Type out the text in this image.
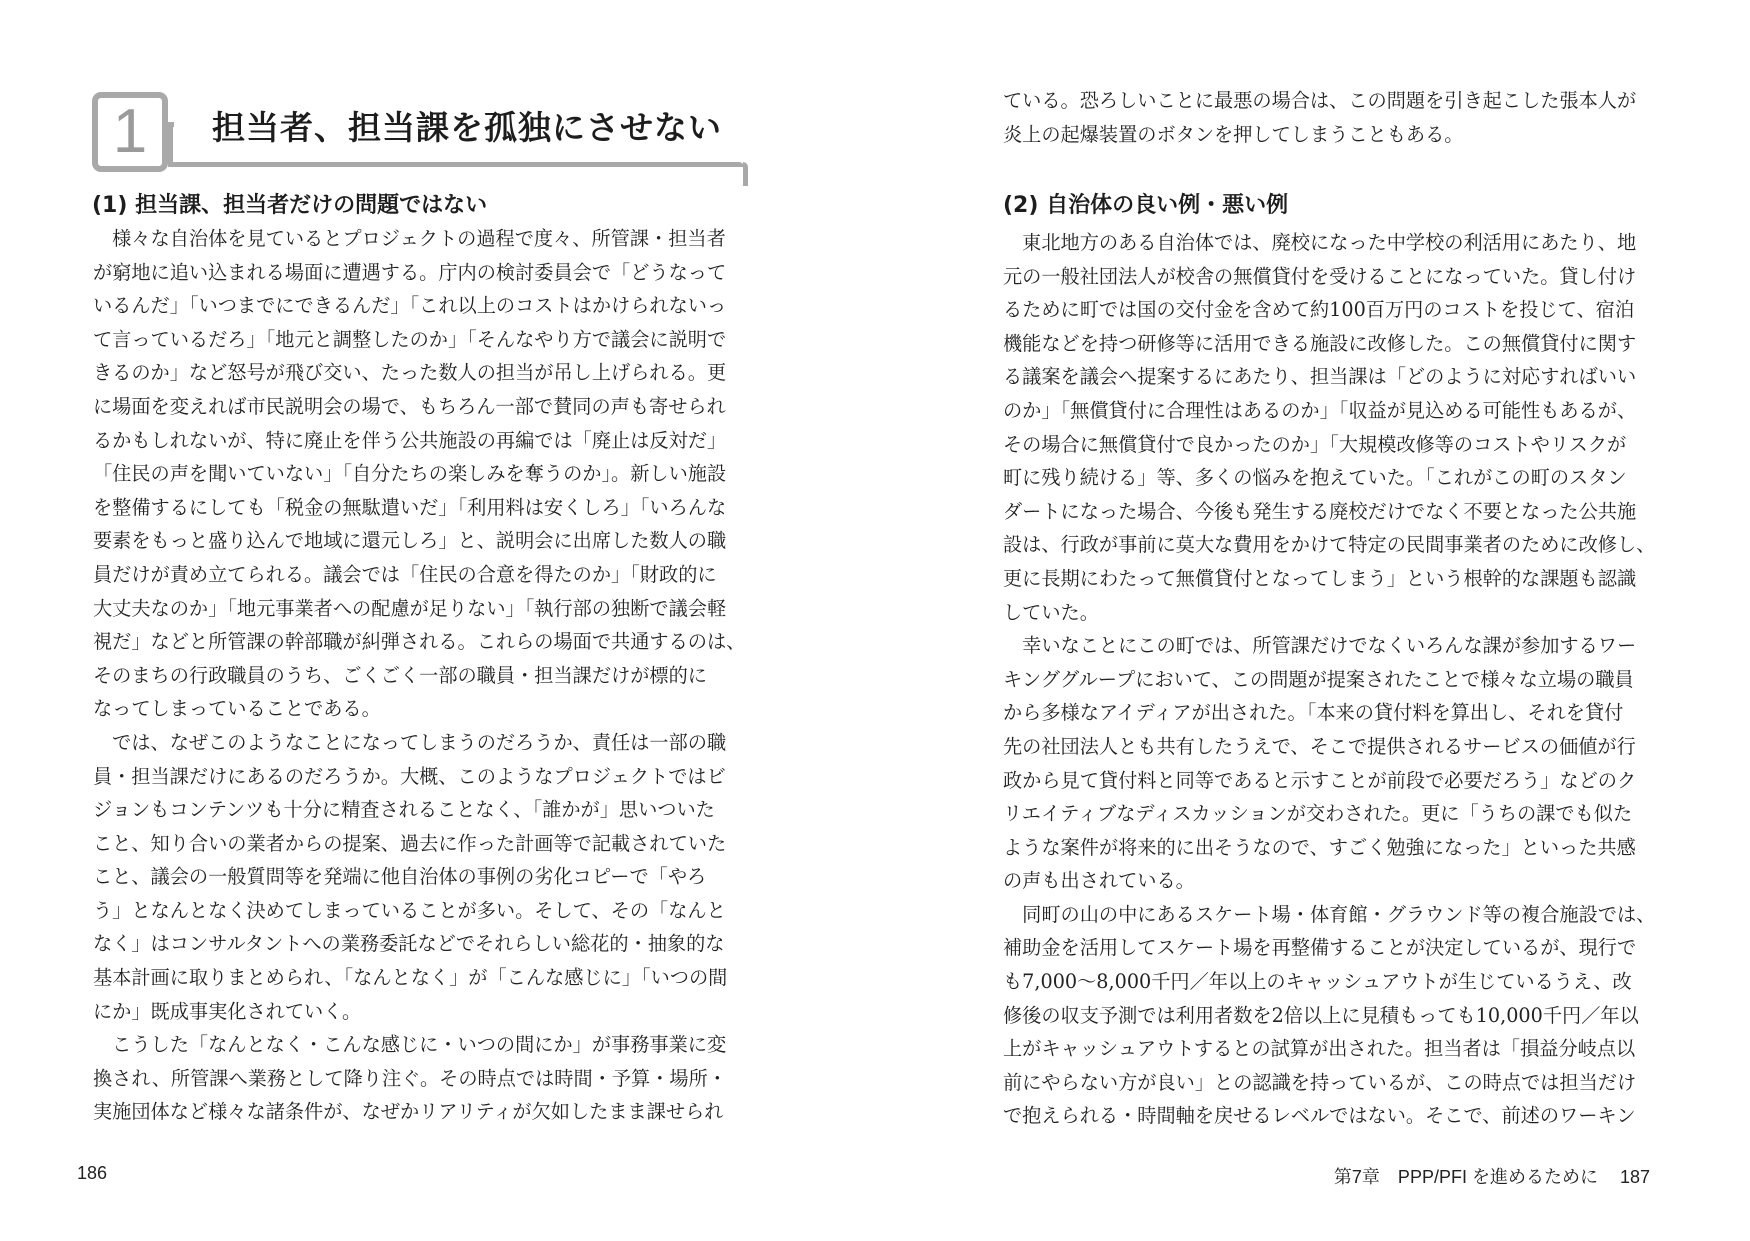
1	担当者、担当課を孤独にさせない
(1) 担当課、担当者だけの問題ではない
　様々な自治体を見ているとプロジェクトの過程で度々、所管課・担当者
が窮地に追い込まれる場面に遭遇する。庁内の検討委員会で「どうなって
いるんだ」「いつまでにできるんだ」「これ以上のコストはかけられないっ
て言っているだろ」「地元と調整したのか」「そんなやり方で議会に説明で
きるのか」など怒号が飛び交い、たった数人の担当が吊し上げられる。更
に場面を変えれば市民説明会の場で、もちろん一部で賛同の声も寄せられ
るかもしれないが、特に廃止を伴う公共施設の再編では「廃止は反対だ」
「住民の声を聞いていない」「自分たちの楽しみを奪うのか」。新しい施設
を整備するにしても「税金の無駄遣いだ」「利用料は安くしろ」「いろんな
要素をもっと盛り込んで地域に還元しろ」と、説明会に出席した数人の職
員だけが責め立てられる。議会では「住民の合意を得たのか」「財政的に
大丈夫なのか」「地元事業者への配慮が足りない」「執行部の独断で議会軽
視だ」などと所管課の幹部職が糾弾される。これらの場面で共通するのは、
そのまちの行政職員のうち、ごくごく一部の職員・担当課だけが標的に
なってしまっていることである。
　では、なぜこのようなことになってしまうのだろうか、責任は一部の職
員・担当課だけにあるのだろうか。大概、このようなプロジェクトではビ
ジョンもコンテンツも十分に精査されることなく、「誰かが」思いついた
こと、知り合いの業者からの提案、過去に作った計画等で記載されていた
こと、議会の一般質問等を発端に他自治体の事例の劣化コピーで「やろ
う」となんとなく決めてしまっていることが多い。そして、その「なんと
なく」はコンサルタントへの業務委託などでそれらしい総花的・抽象的な
基本計画に取りまとめられ、「なんとなく」が「こんな感じに」「いつの間
にか」既成事実化されていく。
　こうした「なんとなく・こんな感じに・いつの間にか」が事務事業に変
換され、所管課へ業務として降り注ぐ。その時点では時間・予算・場所・
実施団体など様々な諸条件が、なぜかリアリティが欠如したまま課せられ
186
ている。恐ろしいことに最悪の場合は、この問題を引き起こした張本人が
炎上の起爆装置のボタンを押してしまうこともある。
(2) 自治体の良い例・悪い例
　東北地方のある自治体では、廃校になった中学校の利活用にあたり、地
元の一般社団法人が校舎の無償貸付を受けることになっていた。貸し付け
るために町では国の交付金を含めて約100百万円のコストを投じて、宿泊
機能などを持つ研修等に活用できる施設に改修した。この無償貸付に関す
る議案を議会へ提案するにあたり、担当課は「どのように対応すればいい
のか」「無償貸付に合理性はあるのか」「収益が見込める可能性もあるが、
その場合に無償貸付で良かったのか」「大規模改修等のコストやリスクが
町に残り続ける」等、多くの悩みを抱えていた。「これがこの町のスタン
ダートになった場合、今後も発生する廃校だけでなく不要となった公共施
設は、行政が事前に莫大な費用をかけて特定の民間事業者のために改修し、
更に長期にわたって無償貸付となってしまう」という根幹的な課題も認識
していた。
　幸いなことにこの町では、所管課だけでなくいろんな課が参加するワー
キンググループにおいて、この問題が提案されたことで様々な立場の職員
から多様なアイディアが出された。「本来の貸付料を算出し、それを貸付
先の社団法人とも共有したうえで、そこで提供されるサービスの価値が行
政から見て貸付料と同等であると示すことが前段で必要だろう」などのク
リエイティブなディスカッションが交わされた。更に「うちの課でも似た
ような案件が将来的に出そうなので、すごく勉強になった」といった共感
の声も出されている。
　同町の山の中にあるスケート場・体育館・グラウンド等の複合施設では、
補助金を活用してスケート場を再整備することが決定しているが、現行で
も7,000～8,000千円／年以上のキャッシュアウトが生じているうえ、改
修後の収支予測では利用者数を2倍以上に見積もっても10,000千円／年以
上がキャッシュアウトするとの試算が出された。担当者は「損益分岐点以
前にやらない方が良い」との認識を持っているが、この時点では担当だけ
で抱えられる・時間軸を戻せるレベルではない。そこで、前述のワーキン
第7章　PPP/PFI を進めるために 187
